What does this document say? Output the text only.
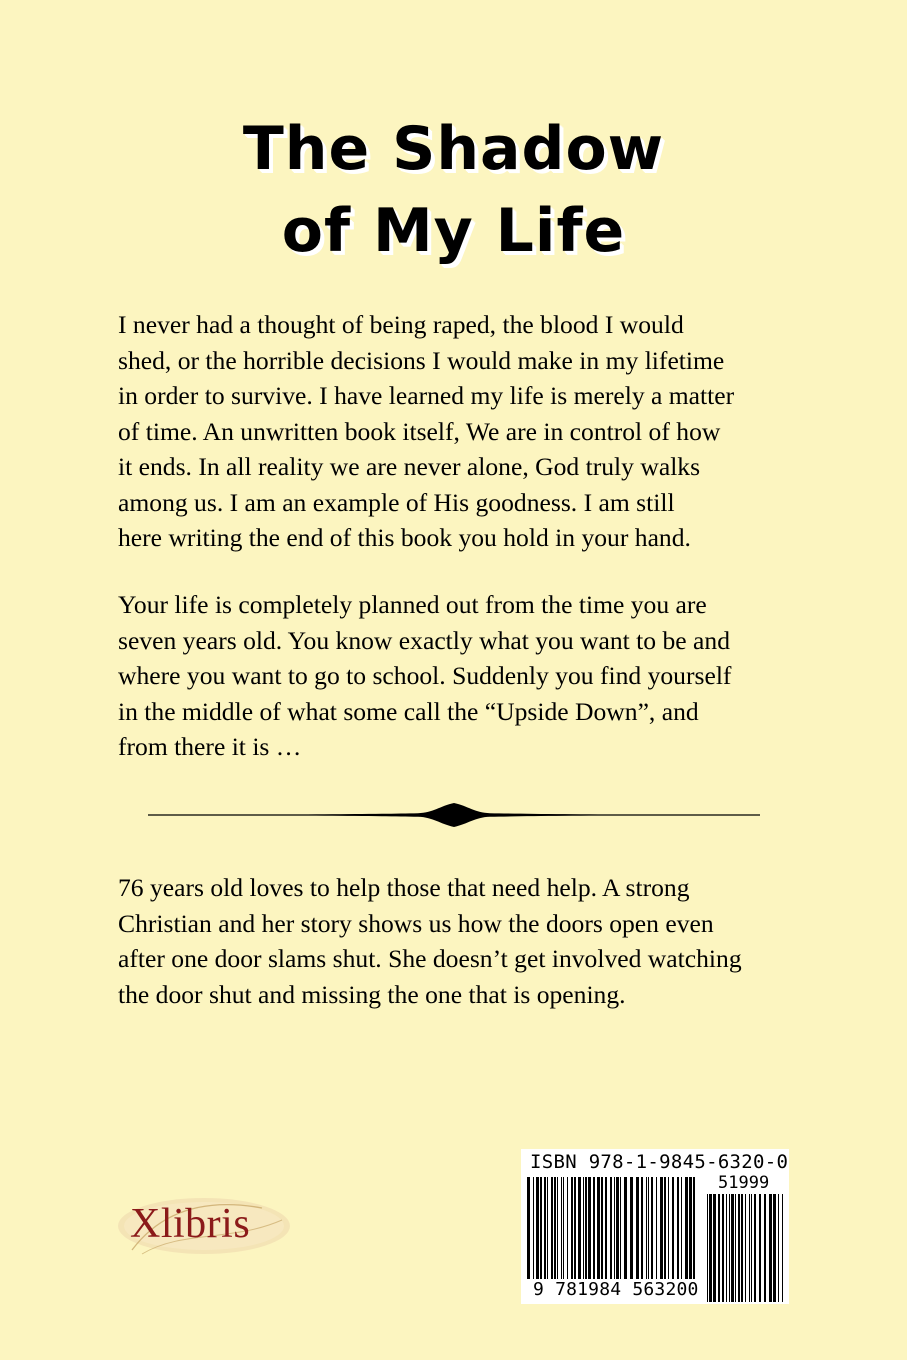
The Shadow
of My Life

I never had a thought of being raped, the blood I would
shed, or the horrible decisions I would make in my lifetime
in order to survive. I have learned my life is merely a matter
of time. An unwritten book itself, We are in control of how
it ends. In all reality we are never alone, God truly walks
among us. I am an example of His goodness. I am still
here writing the end of this book you hold in your hand.

Your life is completely planned out from the time you are
seven years old. You know exactly what you want to be and
where you want to go to school. Suddenly you find yourself
in the middle of what some call the “Upside Down”, and
from there it is …

76 years old loves to help those that need help. A strong
Christian and her story shows us how the doors open even
after one door slams shut. She doesn’t get involved watching
the door shut and missing the one that is opening.

Xlibris
ISBN 978-1-9845-6320-0
51999
9 781984 563200
